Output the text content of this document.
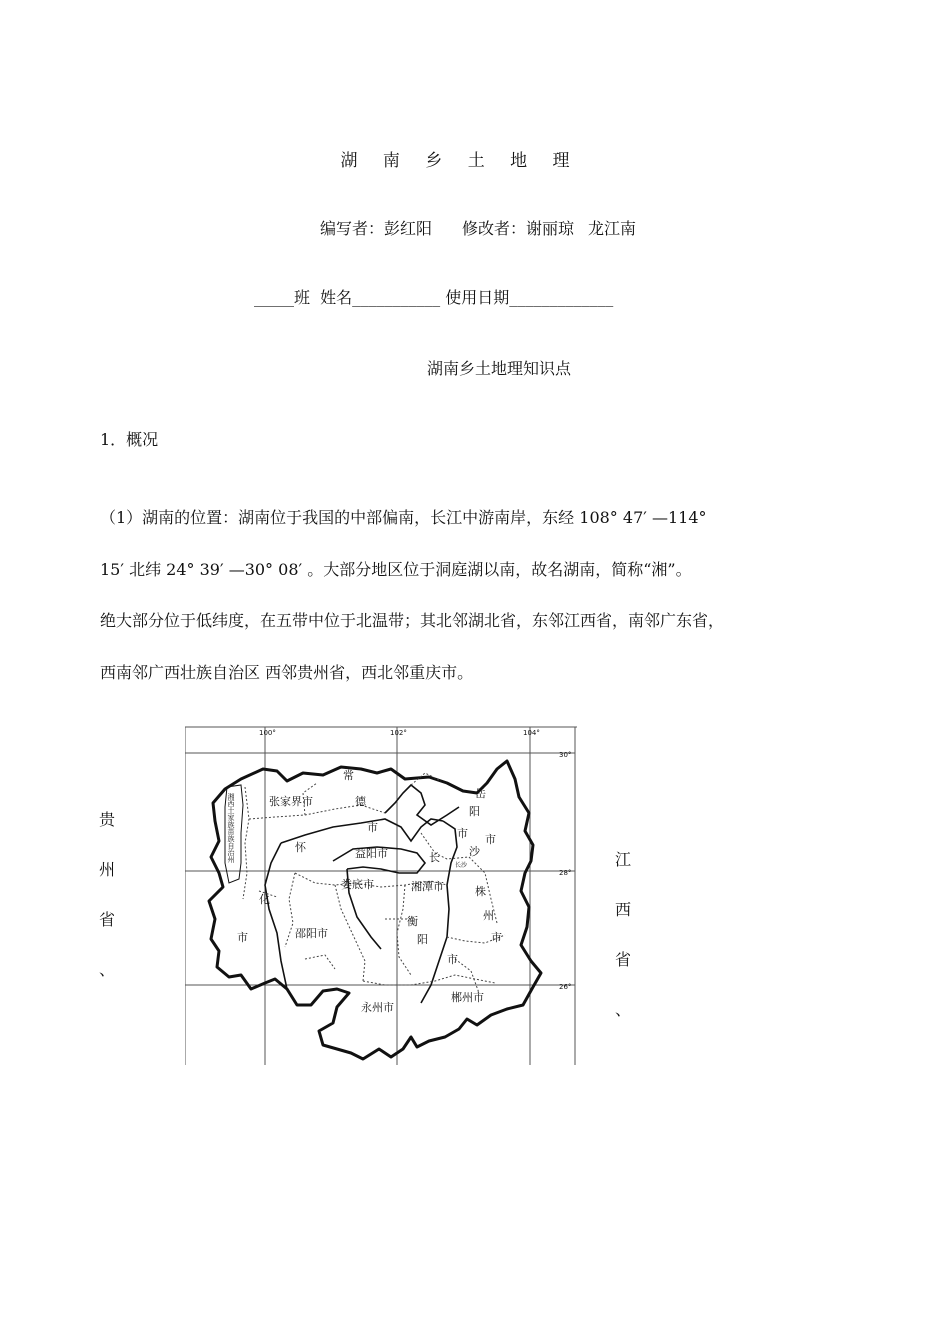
湖 南 乡 土 地 理
编写者：彭红阳 修改者：谢丽琼 龙江南
_____班  姓名___________ 使用日期_____________
湖南乡土地理知识点
1．概况
（1）湖南的位置：湖南位于我国的中部偏南，长江中游南岸，东经 108° 47′ —114°
15′ 北纬 24° 39′ —30° 08′ 。大部分地区位于洞庭湖以南，故名湖南，简称“湘”。
绝大部分位于低纬度，在五带中位于北温带；其北邻湖北省，东邻江西省，南邻广东省，
西南邻广西壮族自治区 西邻贵州省，西北邻重庆市。
贵
州
省
、
江
西
省
、
100°	102°	104°
30°
28°
26°
常
德
市
张家界市
岳
阳
市
益阳市	长	沙
市
怀
化
市
娄底市	湘潭市	株
州
市
邵阳市
衡
阳
市
永州市
郴州市
长沙
湘西土家族苗族自治州
